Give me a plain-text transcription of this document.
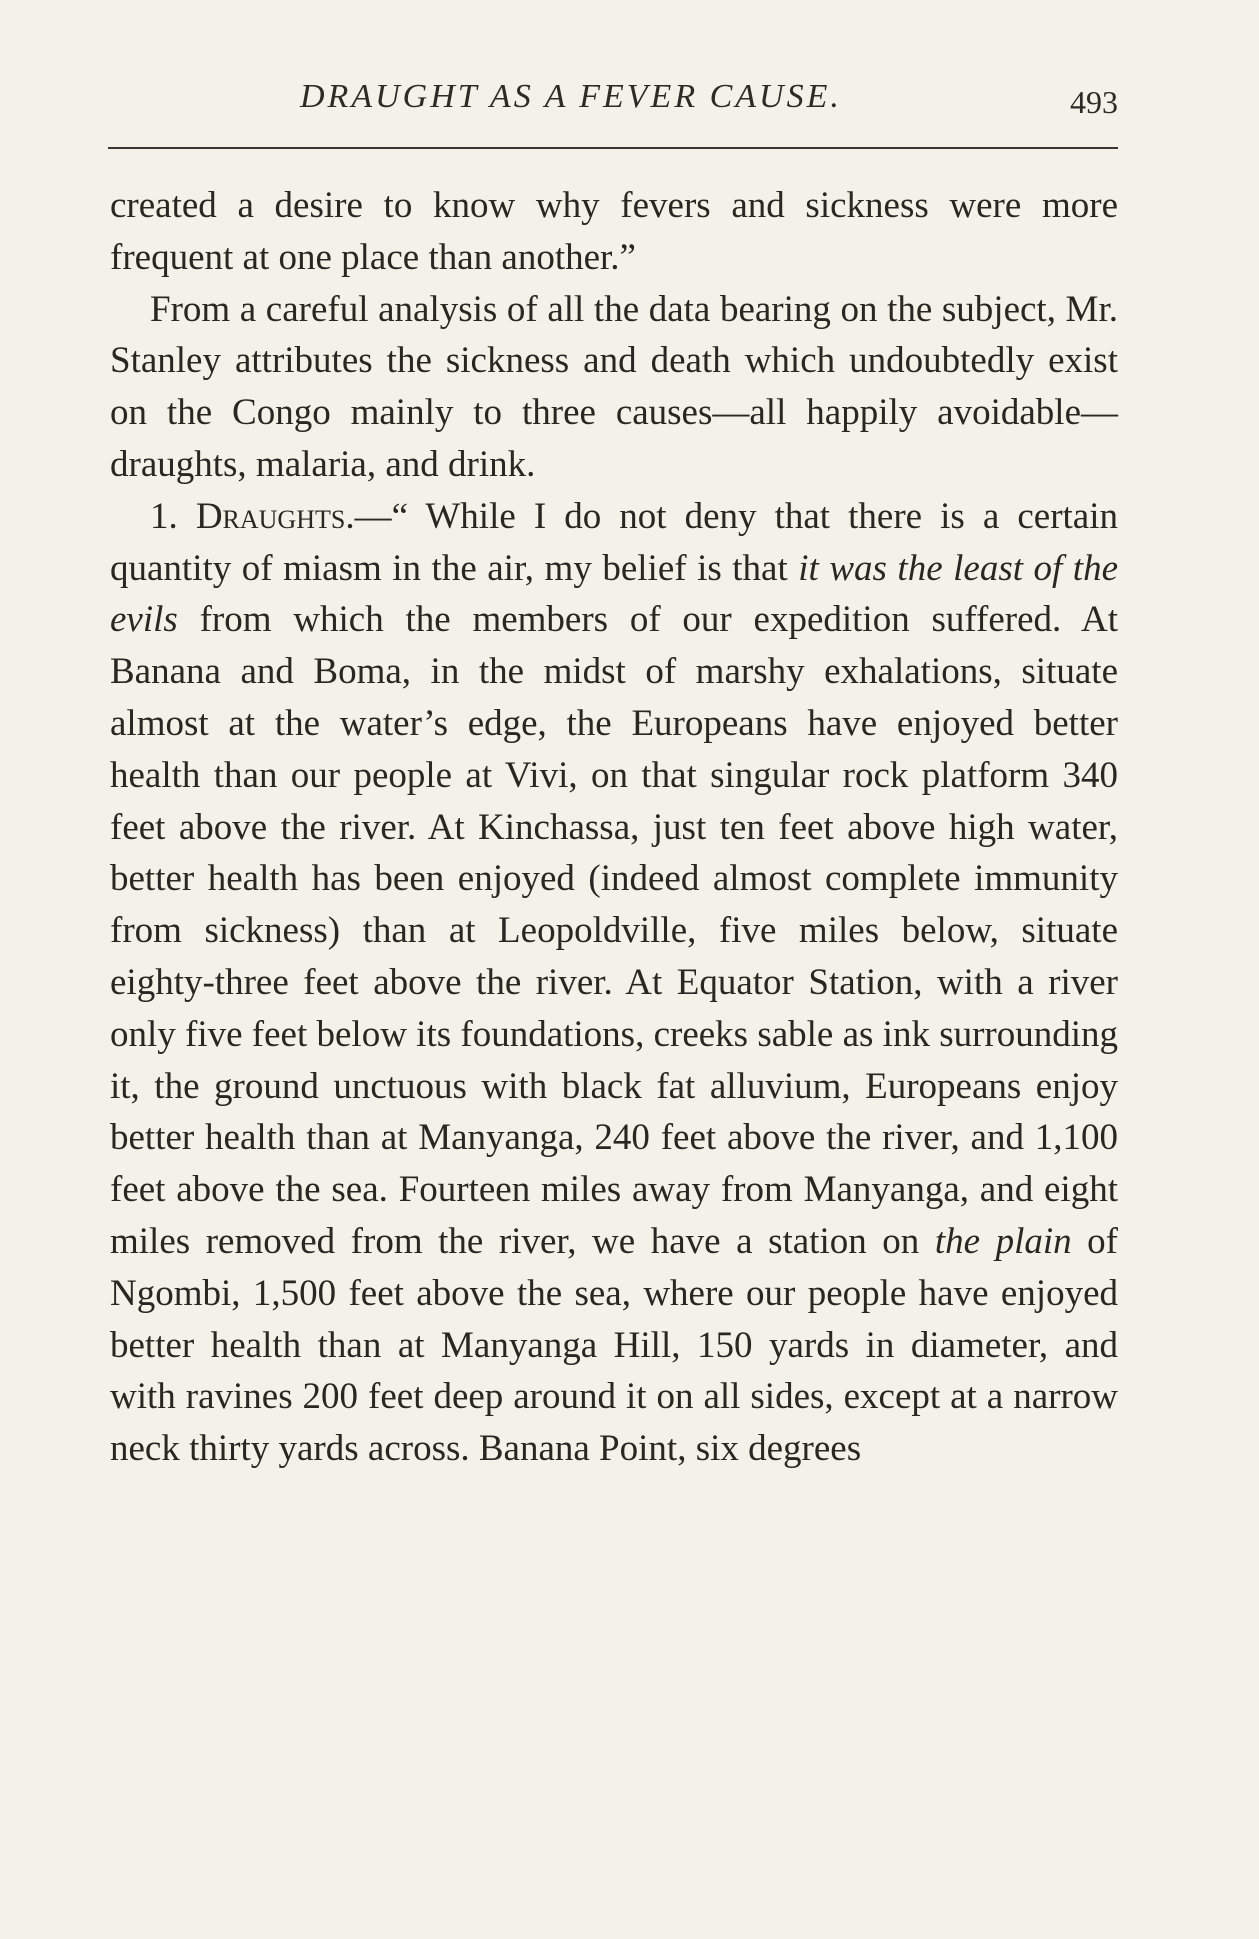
DRAUGHT AS A FEVER CAUSE.	493

created a desire to know why fevers and sickness were more frequent at one place than another.”

From a careful analysis of all the data bearing on the subject, Mr. Stanley attributes the sickness and death which undoubtedly exist on the Congo mainly to three causes—all happily avoidable—draughts, malaria, and drink.

1. Draughts.—“ While I do not deny that there is a certain quantity of miasm in the air, my belief is that it was the least of the evils from which the members of our expedition suffered. At Banana and Boma, in the midst of marshy exhalations, situate almost at the water’s edge, the Europeans have enjoyed better health than our people at Vivi, on that singular rock platform 340 feet above the river. At Kinchassa, just ten feet above high water, better health has been enjoyed (indeed almost complete immunity from sickness) than at Leopoldville, five miles below, situate eighty-three feet above the river. At Equator Station, with a river only five feet below its foundations, creeks sable as ink surrounding it, the ground unctuous with black fat alluvium, Europeans enjoy better health than at Manyanga, 240 feet above the river, and 1,100 feet above the sea. Fourteen miles away from Manyanga, and eight miles removed from the river, we have a station on the plain of Ngombi, 1,500 feet above the sea, where our people have enjoyed better health than at Manyanga Hill, 150 yards in diameter, and with ravines 200 feet deep around it on all sides, except at a narrow neck thirty yards across. Banana Point, six degrees
